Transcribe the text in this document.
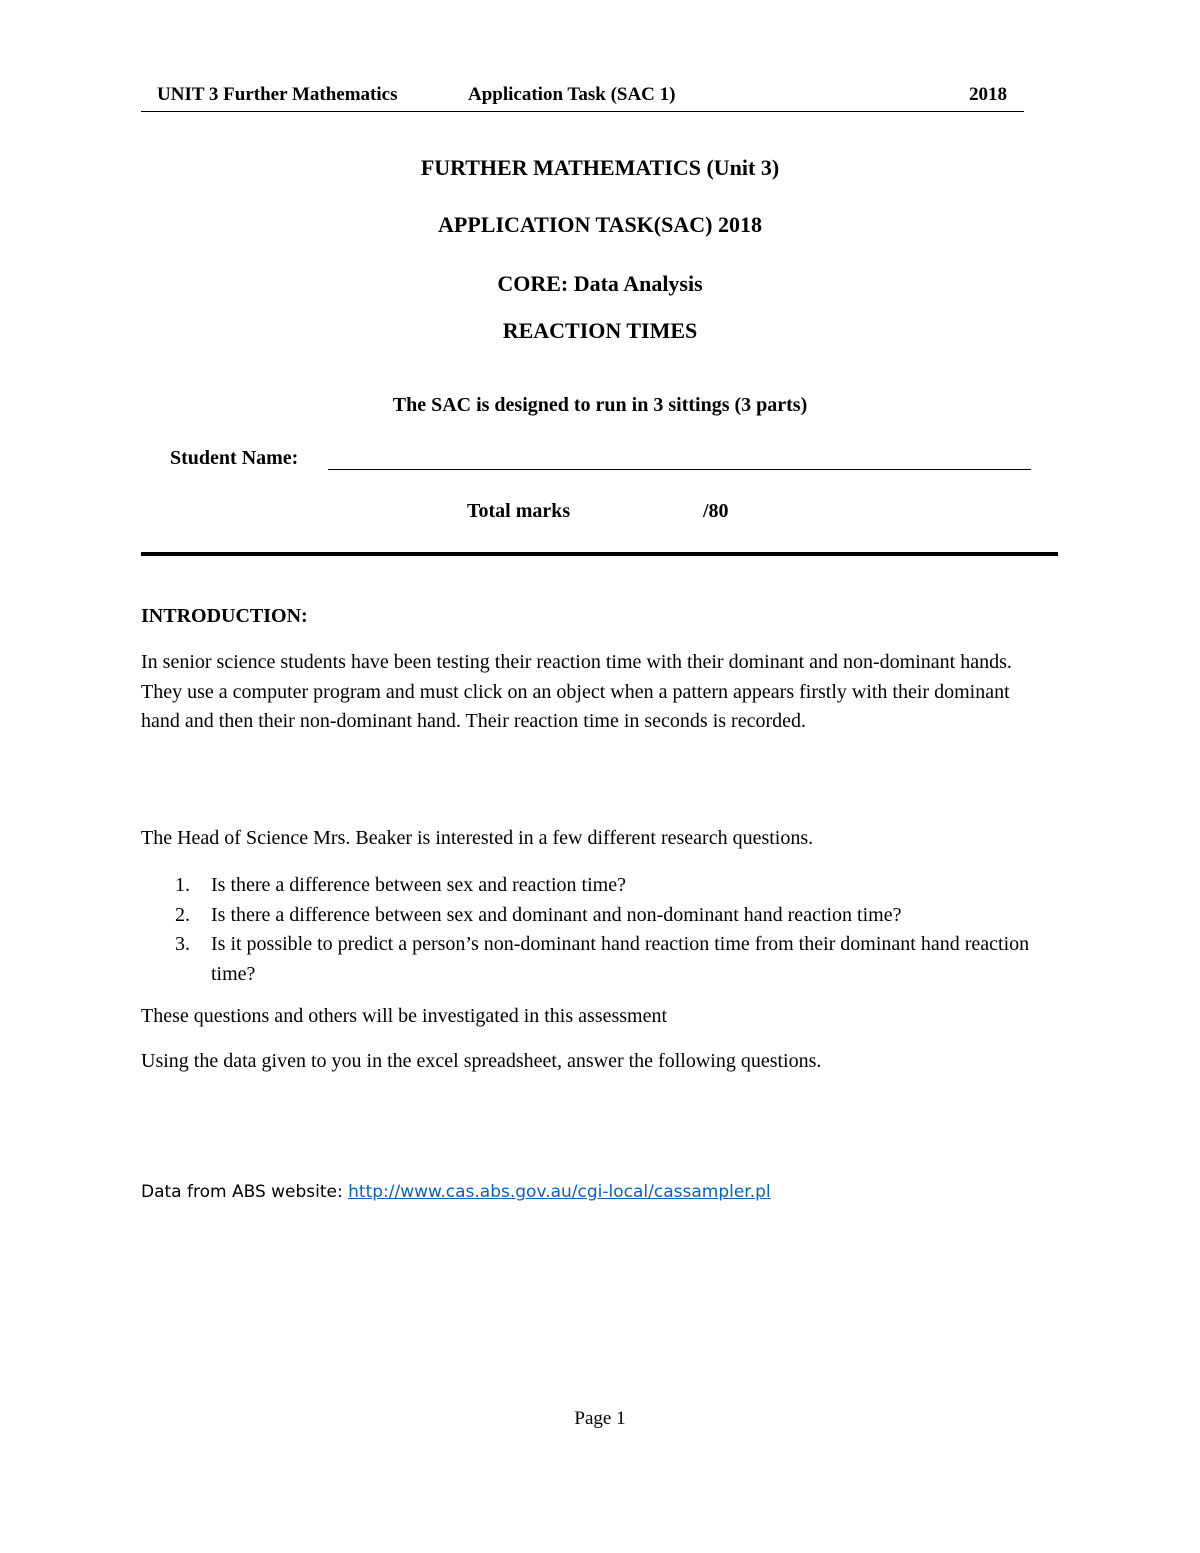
UNIT 3 Further Mathematics	Application Task (SAC 1)	2018
FURTHER MATHEMATICS (Unit 3)
APPLICATION TASK(SAC) 2018
CORE: Data Analysis
REACTION TIMES
The SAC is designed to run in 3 sittings (3 parts)
Student Name:
Total marks	/80
INTRODUCTION:
In senior science students have been testing their reaction time with their dominant and non-dominant hands. They use a computer program and must click on an object when a pattern appears firstly with their dominant hand and then their non-dominant hand. Their reaction time in seconds is recorded.
The Head of Science Mrs. Beaker is interested in a few different research questions.
1. Is there a difference between sex and reaction time?
2. Is there a difference between sex and dominant and non-dominant hand reaction time?
3. Is it possible to predict a person’s non-dominant hand reaction time from their dominant hand reaction time?
These questions and others will be investigated in this assessment
Using the data given to you in the excel spreadsheet, answer the following questions.
Data from ABS website: http://www.cas.abs.gov.au/cgi-local/cassampler.pl
Page 1
